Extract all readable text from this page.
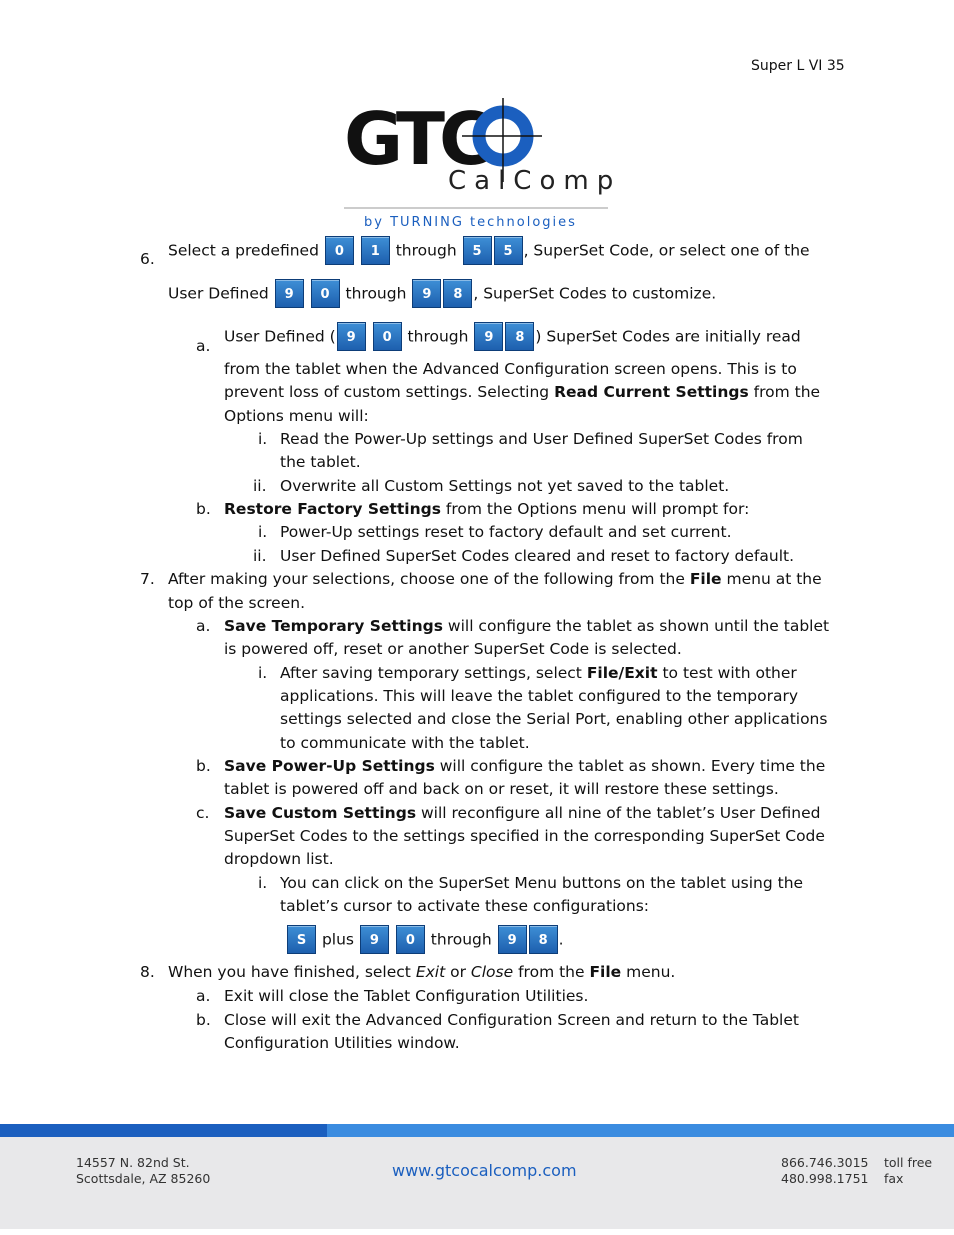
Super L VI 35
GTC
CalComp
by TURNING technologies
6. Select a predefined 0 1 through 5 5 , SuperSet Code, or select one of the
User Defined 9 0 through 9 8 , SuperSet Codes to customize.
a.
User Defined ( 9 0 through 9 8 ) SuperSet Codes are initially read
from the tablet when the Advanced Configuration screen opens. This is to
prevent loss of custom settings. Selecting Read Current Settings from the
Options menu will:
i. Read the Power-Up settings and User Defined SuperSet Codes from
the tablet.
ii. Overwrite all Custom Settings not yet saved to the tablet.
b. Restore Factory Settings from the Options menu will prompt for:
i. Power-Up settings reset to factory default and set current.
ii. User Defined SuperSet Codes cleared and reset to factory default.
7. After making your selections, choose one of the following from the File menu at the
top of the screen.
a. Save Temporary Settings will configure the tablet as shown until the tablet
is powered off, reset or another SuperSet Code is selected.
i. After saving temporary settings, select File/Exit to test with other
applications. This will leave the tablet configured to the temporary
settings selected and close the Serial Port, enabling other applications
to communicate with the tablet.
b. Save Power-Up Settings will configure the tablet as shown. Every time the
tablet is powered off and back on or reset, it will restore these settings.
c. Save Custom Settings will reconfigure all nine of the tablet’s User Defined
SuperSet Codes to the settings specified in the corresponding SuperSet Code
dropdown list.
i. You can click on the SuperSet Menu buttons on the tablet using the
tablet’s cursor to activate these configurations:
S plus 9 0 through 9 8 .
8. When you have finished, select Exit or Close from the File menu.
a. Exit will close the Tablet Configuration Utilities.
b. Close will exit the Advanced Configuration Screen and return to the Tablet
Configuration Utilities window.
14557 N. 82nd St.
Scottsdale, AZ 85260	www.gtcocalcomp.com	866.746.3015
480.998.1751
toll free
fax
